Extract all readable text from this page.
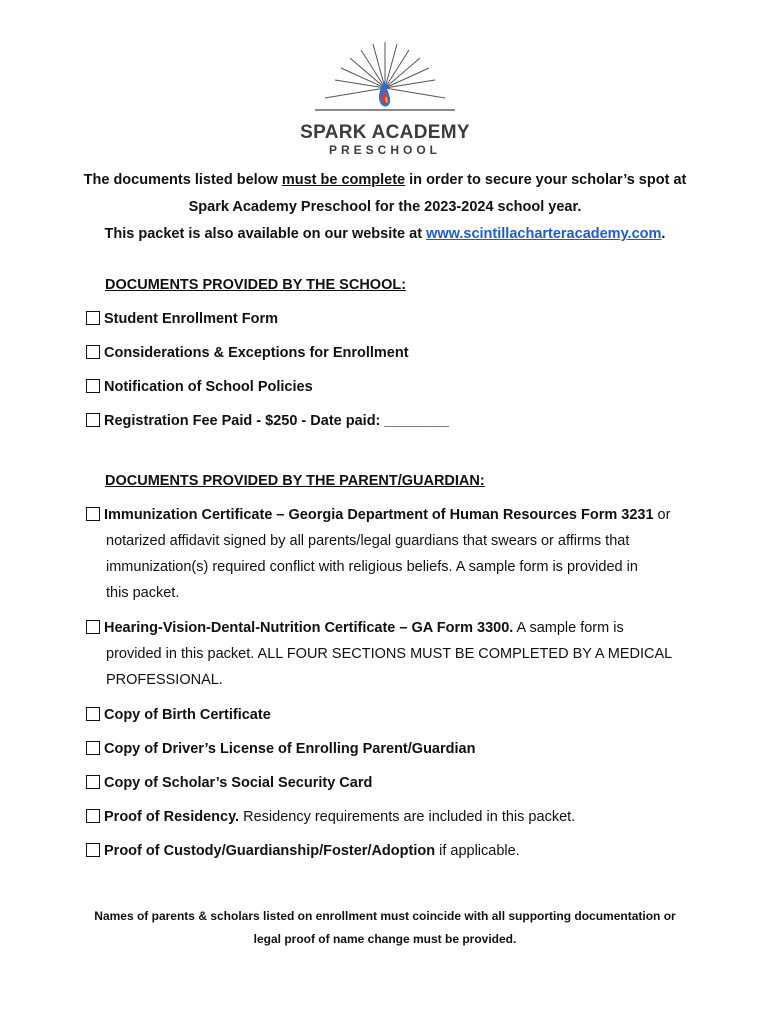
SPARK ACADEMY
PRESCHOOL
The documents listed below must be complete in order to secure your scholar’s spot at
Spark Academy Preschool for the 2023-2024 school year.
This packet is also available on our website at www.scintillacharteracademy.com.
DOCUMENTS PROVIDED BY THE SCHOOL:
Student Enrollment Form
Considerations & Exceptions for Enrollment
Notification of School Policies
Registration Fee Paid - $250 - Date paid: ________
DOCUMENTS PROVIDED BY THE PARENT/GUARDIAN:
Immunization Certificate – Georgia Department of Human Resources Form 3231 or
notarized affidavit signed by all parents/legal guardians that swears or affirms that
immunization(s) required conflict with religious beliefs. A sample form is provided in
this packet.
Hearing-Vision-Dental-Nutrition Certificate – GA Form 3300. A sample form is
provided in this packet. ALL FOUR SECTIONS MUST BE COMPLETED BY A MEDICAL
PROFESSIONAL.
Copy of Birth Certificate
Copy of Driver’s License of Enrolling Parent/Guardian
Copy of Scholar’s Social Security Card
Proof of Residency. Residency requirements are included in this packet.
Proof of Custody/Guardianship/Foster/Adoption if applicable.
Names of parents & scholars listed on enrollment must coincide with all supporting documentation or
legal proof of name change must be provided.
